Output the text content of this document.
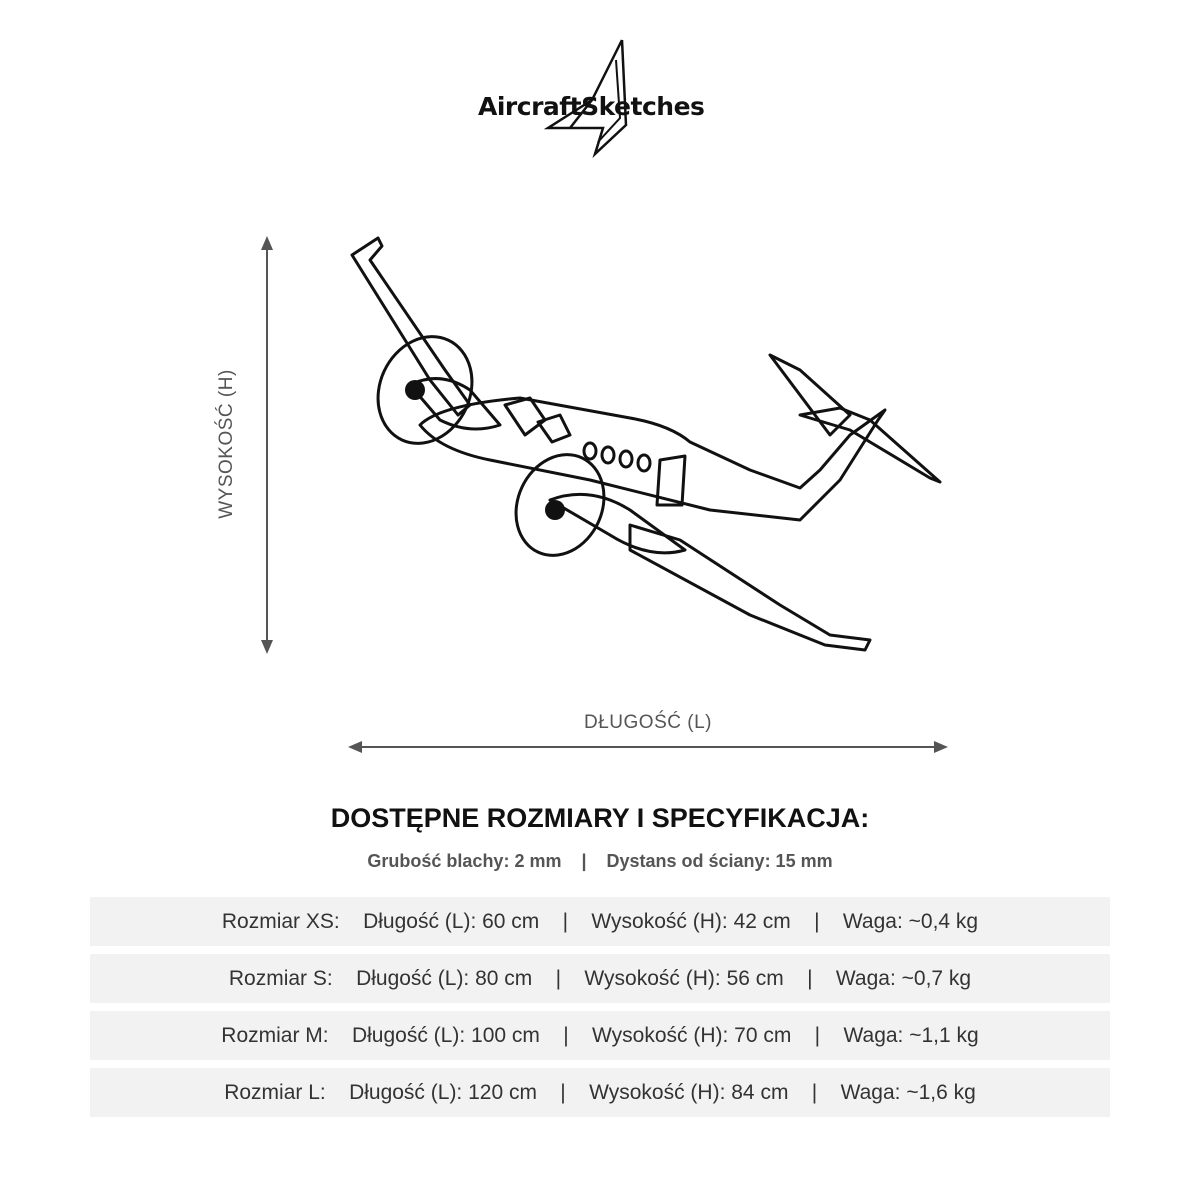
AircraftSketches
WYSOKOŚĆ (H)
DŁUGOŚĆ (L)
DOSTĘPNE ROZMIARY I SPECYFIKACJA:
Grubość blachy: 2 mm    |    Dystans od ściany: 15 mm
Rozmiar XS:    Długość (L): 60 cm    |    Wysokość (H): 42 cm    |    Waga: ~0,4 kg
Rozmiar S:    Długość (L): 80 cm    |    Wysokość (H): 56 cm    |    Waga: ~0,7 kg
Rozmiar M:    Długość (L): 100 cm    |    Wysokość (H): 70 cm    |    Waga: ~1,1 kg
Rozmiar L:    Długość (L): 120 cm    |    Wysokość (H): 84 cm    |    Waga: ~1,6 kg
